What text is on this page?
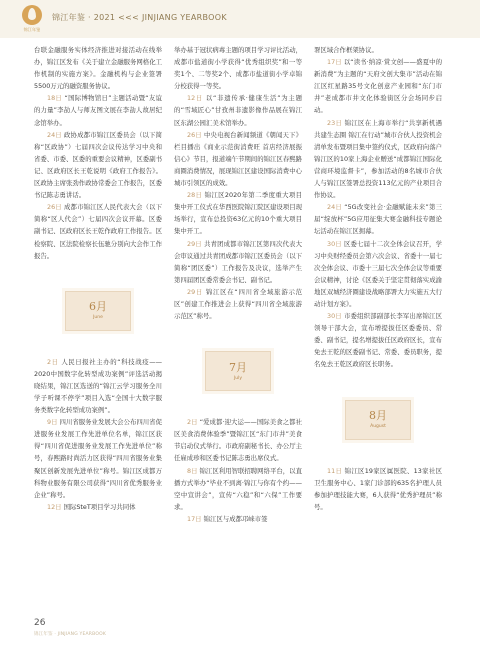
锦江年鉴
锦江年鉴 · 2021 <<< JINJIANG YEARBOOK

台联金融服务实体经济推进对接活动在线举办，锦江区发布《关于建立金融服务网格化工作机制的实施方案》。金融机构与企业签署5500万元的融资服务协议。

18日 “国际博物馆日”主题活动暨“友谊的力量”李劼人与师友图文展在李劼人故居纪念馆举办。

24日 政协成都市锦江区委员会（以下简称“区政协”）七届四次会议传达学习中央和省委、市委、区委的重要会议精神，区委副书记、区政府区长王乾说明《政府工作报告》。区政协主席张劲作政协常委会工作报告，区委书记陈志勇讲话。

26日 成都市锦江区人民代表大会（以下简称“区人代会”）七届四次会议开幕。区委副书记、区政府区长王乾作政府工作报告。区检察院、区法院检察长伍驰分别向大会作工作报告。

6月
June

2日 人民日报社主办的“科技战疫——2020中国数字化转型成功案例”评选活动揭晓结果，锦江区选送的“锦江云学习服务全川学子听课不停学”项目入选“全国十大数字服务类数字化转型成功案例”。

9日 四川省服务业发展大会公布四川省促进服务业发展工作先进单位名单，锦江区获得“四川省促进服务业发展工作先进单位”称号，春熙路时尚活力区获得“四川省服务业集聚区创新发展先进单位”称号。锦江区成都万科物业服务有限公司获得“四川省优秀服务业企业”称号。

12日 国际SteT项目学习共同体

举办基于冠状病毒主题的项目学习评比活动，成都市盐道街小学获得“优秀组织奖”和一等奖1个、二等奖2个、成都市盐道街小学卓锦分校获得一等奖。

12日 以“非遗传承·健康生活”为主题的“雪域匠心”甘孜州非遗影像作品展在锦江区东湖公园汇美术馆举办。

26日 中央电视台新闻频道《朝闻天下》栏目播出《商业示范街消费旺 首店经济展振信心》节目，报道端午节期间的锦江区春熙路商圈消费情况，展现锦江区建设国际消费中心城市引领区的成效。

28日 锦江区2020年第二季度重大项目集中开工仪式在华西医院锦江院区建设项目现场举行，宣布总投资63亿元的10个重大项目集中开工。

29日 共青团成都市锦江区第四次代表大会审议通过共青团成都市锦江区委员会（以下简称“团区委”）工作报告及决议，选举产生第四届团区委常委会书记、副书记。

29日 锦江区在“四川省全域旅游示范区”创建工作推进会上获得“四川省全域旅游示范区”称号。

7月
July

2日 “爱成都·迎大运——国际美食之都社区美食消费体验季”暨锦江区“东门市井”美食节启动仪式举行。市政府副秘书长、办公厅主任雇成珍和区委书记陈志勇出席仪式。

8日 锦江区利用智联招聘网络平台，以直播方式举办“毕业不到离·锦江与你有个约——空中宣讲会”，宣传“六稳”和“六保”工作要求。

17日 锦江区与成都邛崃市签

署区域合作框架协议。

17日 以“读书·纳凉·赏文创——盛夏中的新消费”为主题的“天府文创大集市”活动在锦江区红星路35号文化创意产业园和“东门市井”老成都市井文化体验街区分会场同步启动。

23日 锦江区在上海市举行“共享新机遇 共建生态圈 锦江在行动”城市合伙人投资机会清单发布暨项目集中签约仪式，区政府向落户锦江区的10家上海企业赠送“成都锦江国际化营商环境监督卡”，参加活动的8名城市合伙人与锦江区签署总投资113亿元的产业项目合作协议。

24日 “5G改变社会·金融赋能未来”第三届“绽放杯”5G应用征集大赛金融科技专题论坛活动在锦江区拥幕。

30日 区委七届十二次全体会议召开，学习中央财经委员会第六次会议、省委十一届七次全体会议、市委十三届七次全体会议等重要会议精神，讨论《区委关于坚定贯彻落实成渝地区双城经济圈建设战略部署大力实施五大行动计划方案》。

30日 市委组织部副部长李军出席锦江区领导干部大会，宣布增提拔任区委委员、常委、副书记，提名增提拔任区政府区长，宣布免去王乾的区委副书记、常委、委员职务，提名免去王乾区政府区长职务。

8月
August

11日 锦江区19家区属医院、13家社区卫生服务中心、1家门诊部的635名护理人员参加护理技能大赛，6人获得“优秀护理员”称号。

26
锦江年鉴 · JINJIANG YEARBOOK
